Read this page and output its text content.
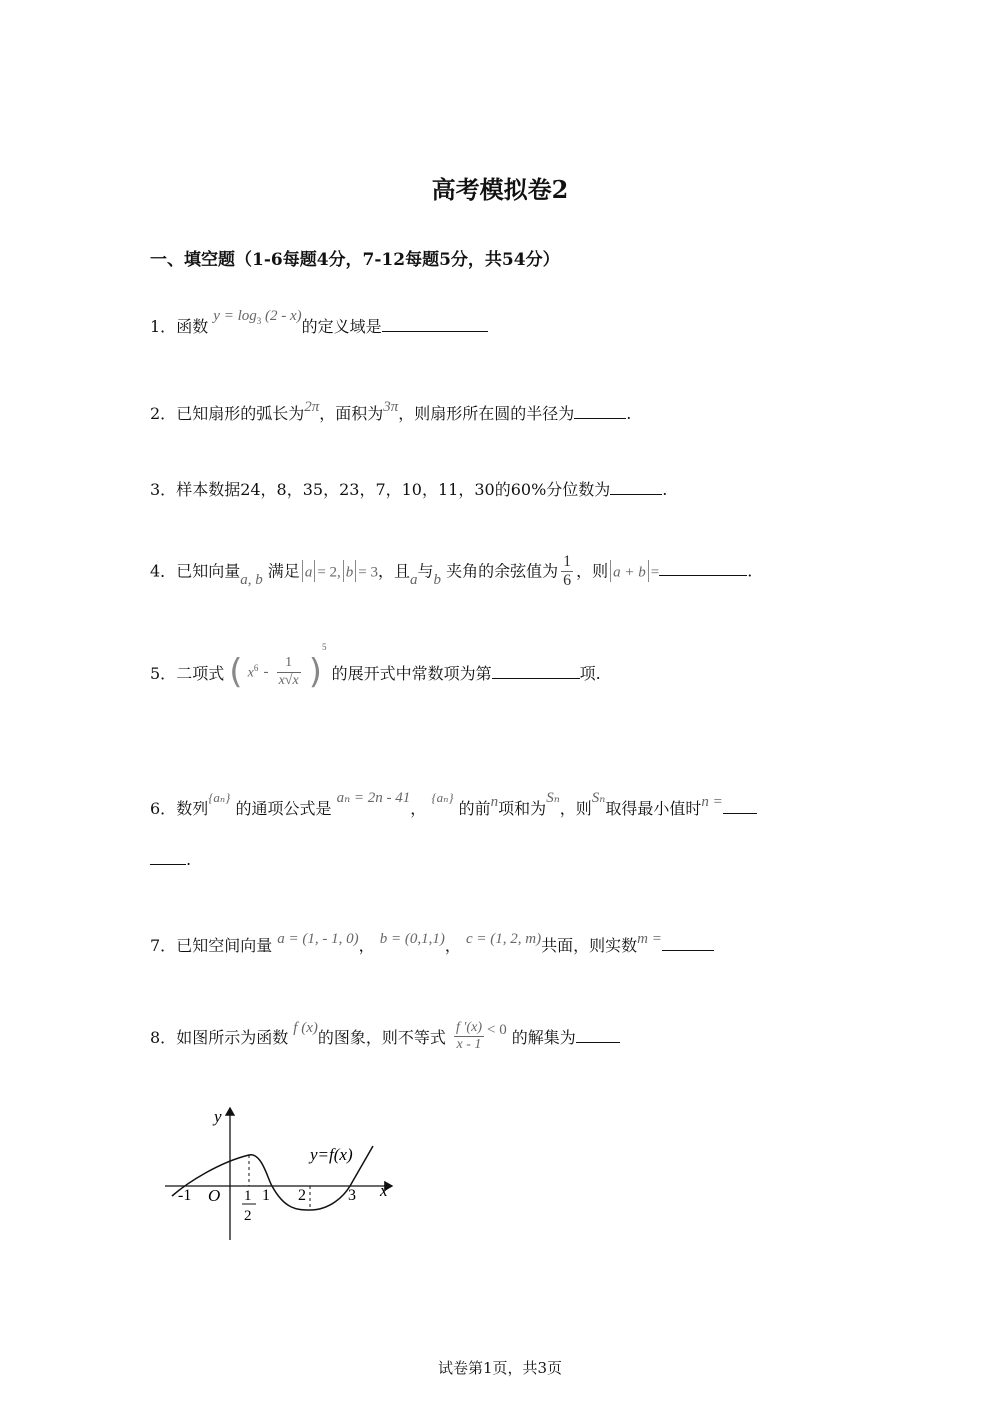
高考模拟卷2
一、填空题（1-6每题4分，7-12每题5分，共54分）
1．函数 $y = \log_3 (2 - x)$的定义域是
2．已知扇形的弧长为2π，面积为3π，则扇形所在圆的半径为	.
3．样本数据24，8，35，23，7，10，11，30的60%分位数为	.
4．已知向量a, b 满足 a = 2, b = 3，且a与b 夹角的余弦值为 $\frac{1}{6}$ ，则 a + b =	.
5．二项式 ( $x^6 - \frac{1}{x√x} )^5$ 的展开式中常数项为第	项.
6．数列$^{\{a_n\}}$ 的通项公式是 aₙ = 2n - 41， $^{\{a_n\}}$ 的前n项和为Sₙ，则Sₙ取得最小值时n =
.
7．已知空间向量 a = (1, - 1, 0)， b = (0,1,1)， c = (1, 2, m)共面，则实数m =
8．如图所示为函数 f (x)的图象，则不等式 $\frac{f '(x)}{x - 1} < 0$ 的解集为
y
x
y=f(x)
O
-1	1 2	3
1
2
试卷第1页，共3页
